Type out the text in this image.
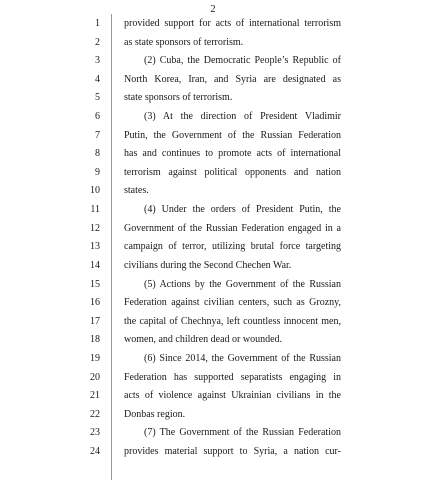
2
1 provided support for acts of international terrorism
2 as state sponsors of terrorism.
3	(2) Cuba, the Democratic People’s Republic of
4 North Korea, Iran, and Syria are designated as
5 state sponsors of terrorism.
6	(3) At the direction of President Vladimir
7 Putin, the Government of the Russian Federation
8 has and continues to promote acts of international
9 terrorism against political opponents and nation
10 states.
11	(4) Under the orders of President Putin, the
12 Government of the Russian Federation engaged in a
13 campaign of terror, utilizing brutal force targeting
14 civilians during the Second Chechen War.
15	(5) Actions by the Government of the Russian
16 Federation against civilian centers, such as Grozny,
17 the capital of Chechnya, left countless innocent men,
18 women, and children dead or wounded.
19	(6) Since 2014, the Government of the Russian
20 Federation has supported separatists engaging in
21 acts of violence against Ukrainian civilians in the
22 Donbas region.
23	(7) The Government of the Russian Federation
24 provides material support to Syria, a nation cur-
